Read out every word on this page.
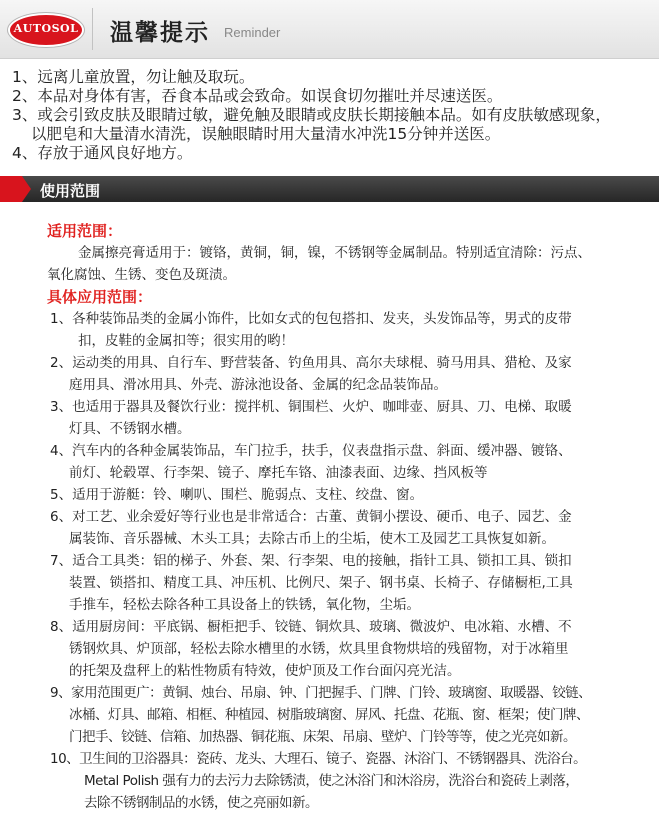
AUTOSOL 温馨提示 Reminder
1、远离儿童放置，勿让触及取玩。
2、本品对身体有害，吞食本品或会致命。如误食切勿摧吐并尽速送医。
3、或会引致皮肤及眼睛过敏，避免触及眼睛或皮肤长期接触本品。如有皮肤敏感现象，
以肥皂和大量清水清洗，误触眼睛时用大量清水冲洗15分钟并送医。
4、存放于通风良好地方。
使用范围
适用范围：
金属擦亮膏适用于：镀铬，黄铜，铜，镍，不锈钢等金属制品。特别适宜清除：污点、
氧化腐蚀、生锈、变色及斑渍。
具体应用范围：
1、各种装饰品类的金属小饰件，比如女式的包包搭扣、发夹，头发饰品等，男式的皮带
扣，皮鞋的金属扣等；很实用的哟！
2、运动类的用具、自行车、野营装备、钓鱼用具、高尔夫球棍、骑马用具、猎枪、及家
庭用具、滑冰用具、外壳、游泳池设备、金属的纪念品装饰品。
3、也适用于器具及餐饮行业：搅拌机、铜围栏、火炉、咖啡壶、厨具、刀、电梯、取暖
灯具、不锈钢水槽。
4、汽车内的各种金属装饰品，车门拉手，扶手，仪表盘指示盘、斜面、缓冲器、镀铬、
前灯、轮毂罩、行李架、镜子、摩托车铬、油漆表面、边缘、挡风板等
5、适用于游艇：铃、喇叭、围栏、脆弱点、支柱、绞盘、窗。
6、对工艺、业余爱好等行业也是非常适合：古董、黄铜小摆设、硬币、电子、园艺、金
属装饰、音乐器械、木头工具；去除古币上的尘垢，使木工及园艺工具恢复如新。
7、适合工具类：铝的梯子、外套、架、行李架、电的接触，指针工具、锁扣工具、锁扣
装置、锁搭扣、精度工具、冲压机、比例尺、架子、钢书桌、长椅子、存储橱柜,工具
手推车，轻松去除各种工具设备上的铁锈，氧化物，尘垢。
8、适用厨房间：平底锅、橱柜把手、铰链、铜炊具、玻璃、微波炉、电冰箱、水槽、不
锈钢炊具、炉顶部，轻松去除水槽里的水锈，炊具里食物烘培的残留物，对于冰箱里
的托架及盘秤上的粘性物质有特效，使炉顶及工作台面闪亮光洁。
9、家用范围更广：黄铜、烛台、吊扇、钟、门把握手、门牌、门铃、玻璃窗、取暖器、铰链、
冰桶、灯具、邮箱、相框、种植园、树脂玻璃窗、屏风、托盘、花瓶、窗、框架；使门牌、
门把手、铰链、信箱、加热器、铜花瓶、床架、吊扇、壁炉、门铃等等，使之光亮如新。
10、卫生间的卫浴器具：瓷砖、龙头、大理石、镜子、瓷器、沐浴门、不锈钢器具、洗浴台。
Metal Polish 强有力的去污力去除锈渍，使之沐浴门和沐浴房，洗浴台和瓷砖上剥落，
去除不锈钢制品的水锈，使之亮丽如新。
